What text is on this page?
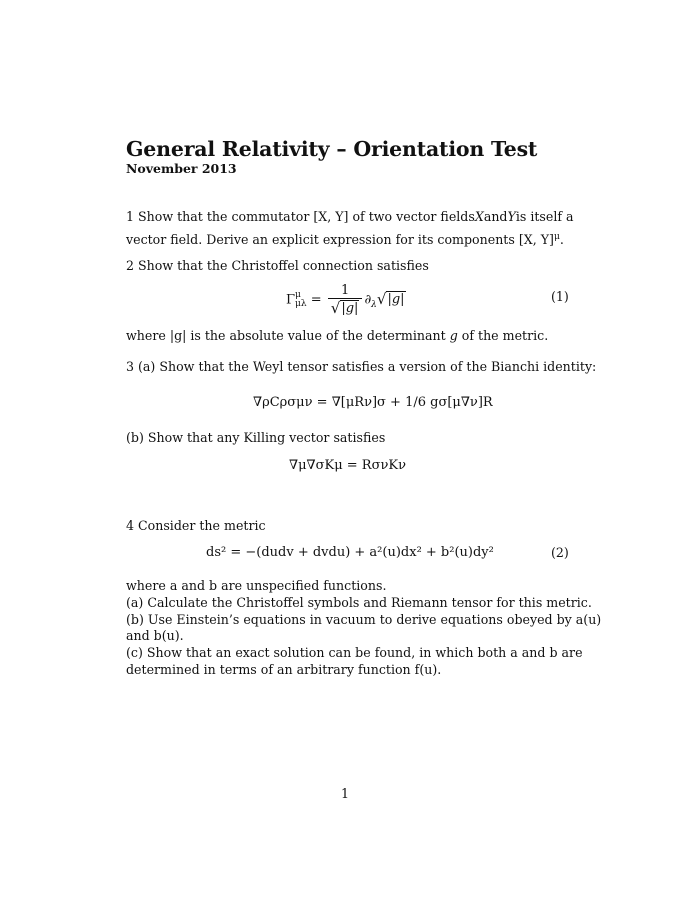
General Relativity – Orientation Test
November 2013
1 Show that the commutator [X, Y] of two vector fields X and Y is itself a
vector field. Derive an explicit expression for its components [X, Y]$^\mu$.
2 Show that the Christoffel connection satisfies
Γ μ
$\mu\lambda = \frac{1}{√ |g|} \partial_\lambda$ √ |g|	(1)
where |g| is the absolute value of the determinant g of the metric.
3 (a) Show that the Weyl tensor satisfies a version of the Bianchi identity:
∇ρCρσμν = ∇[μRν]σ + 1/6 gσ[μ∇ν]R
(b) Show that any Killing vector satisfies
∇μ∇σKμ = RσνKν
4 Consider the metric
ds² = −(dudv + dvdu) + a²(u)dx² + b²(u)dy²	(2)
where a and b are unspecified functions.
(a) Calculate the Christoffel symbols and Riemann tensor for this metric.
(b) Use Einstein’s equations in vacuum to derive equations obeyed by a(u)
and b(u).
(c) Show that an exact solution can be found, in which both a and b are
determined in terms of an arbitrary function f(u).
1
